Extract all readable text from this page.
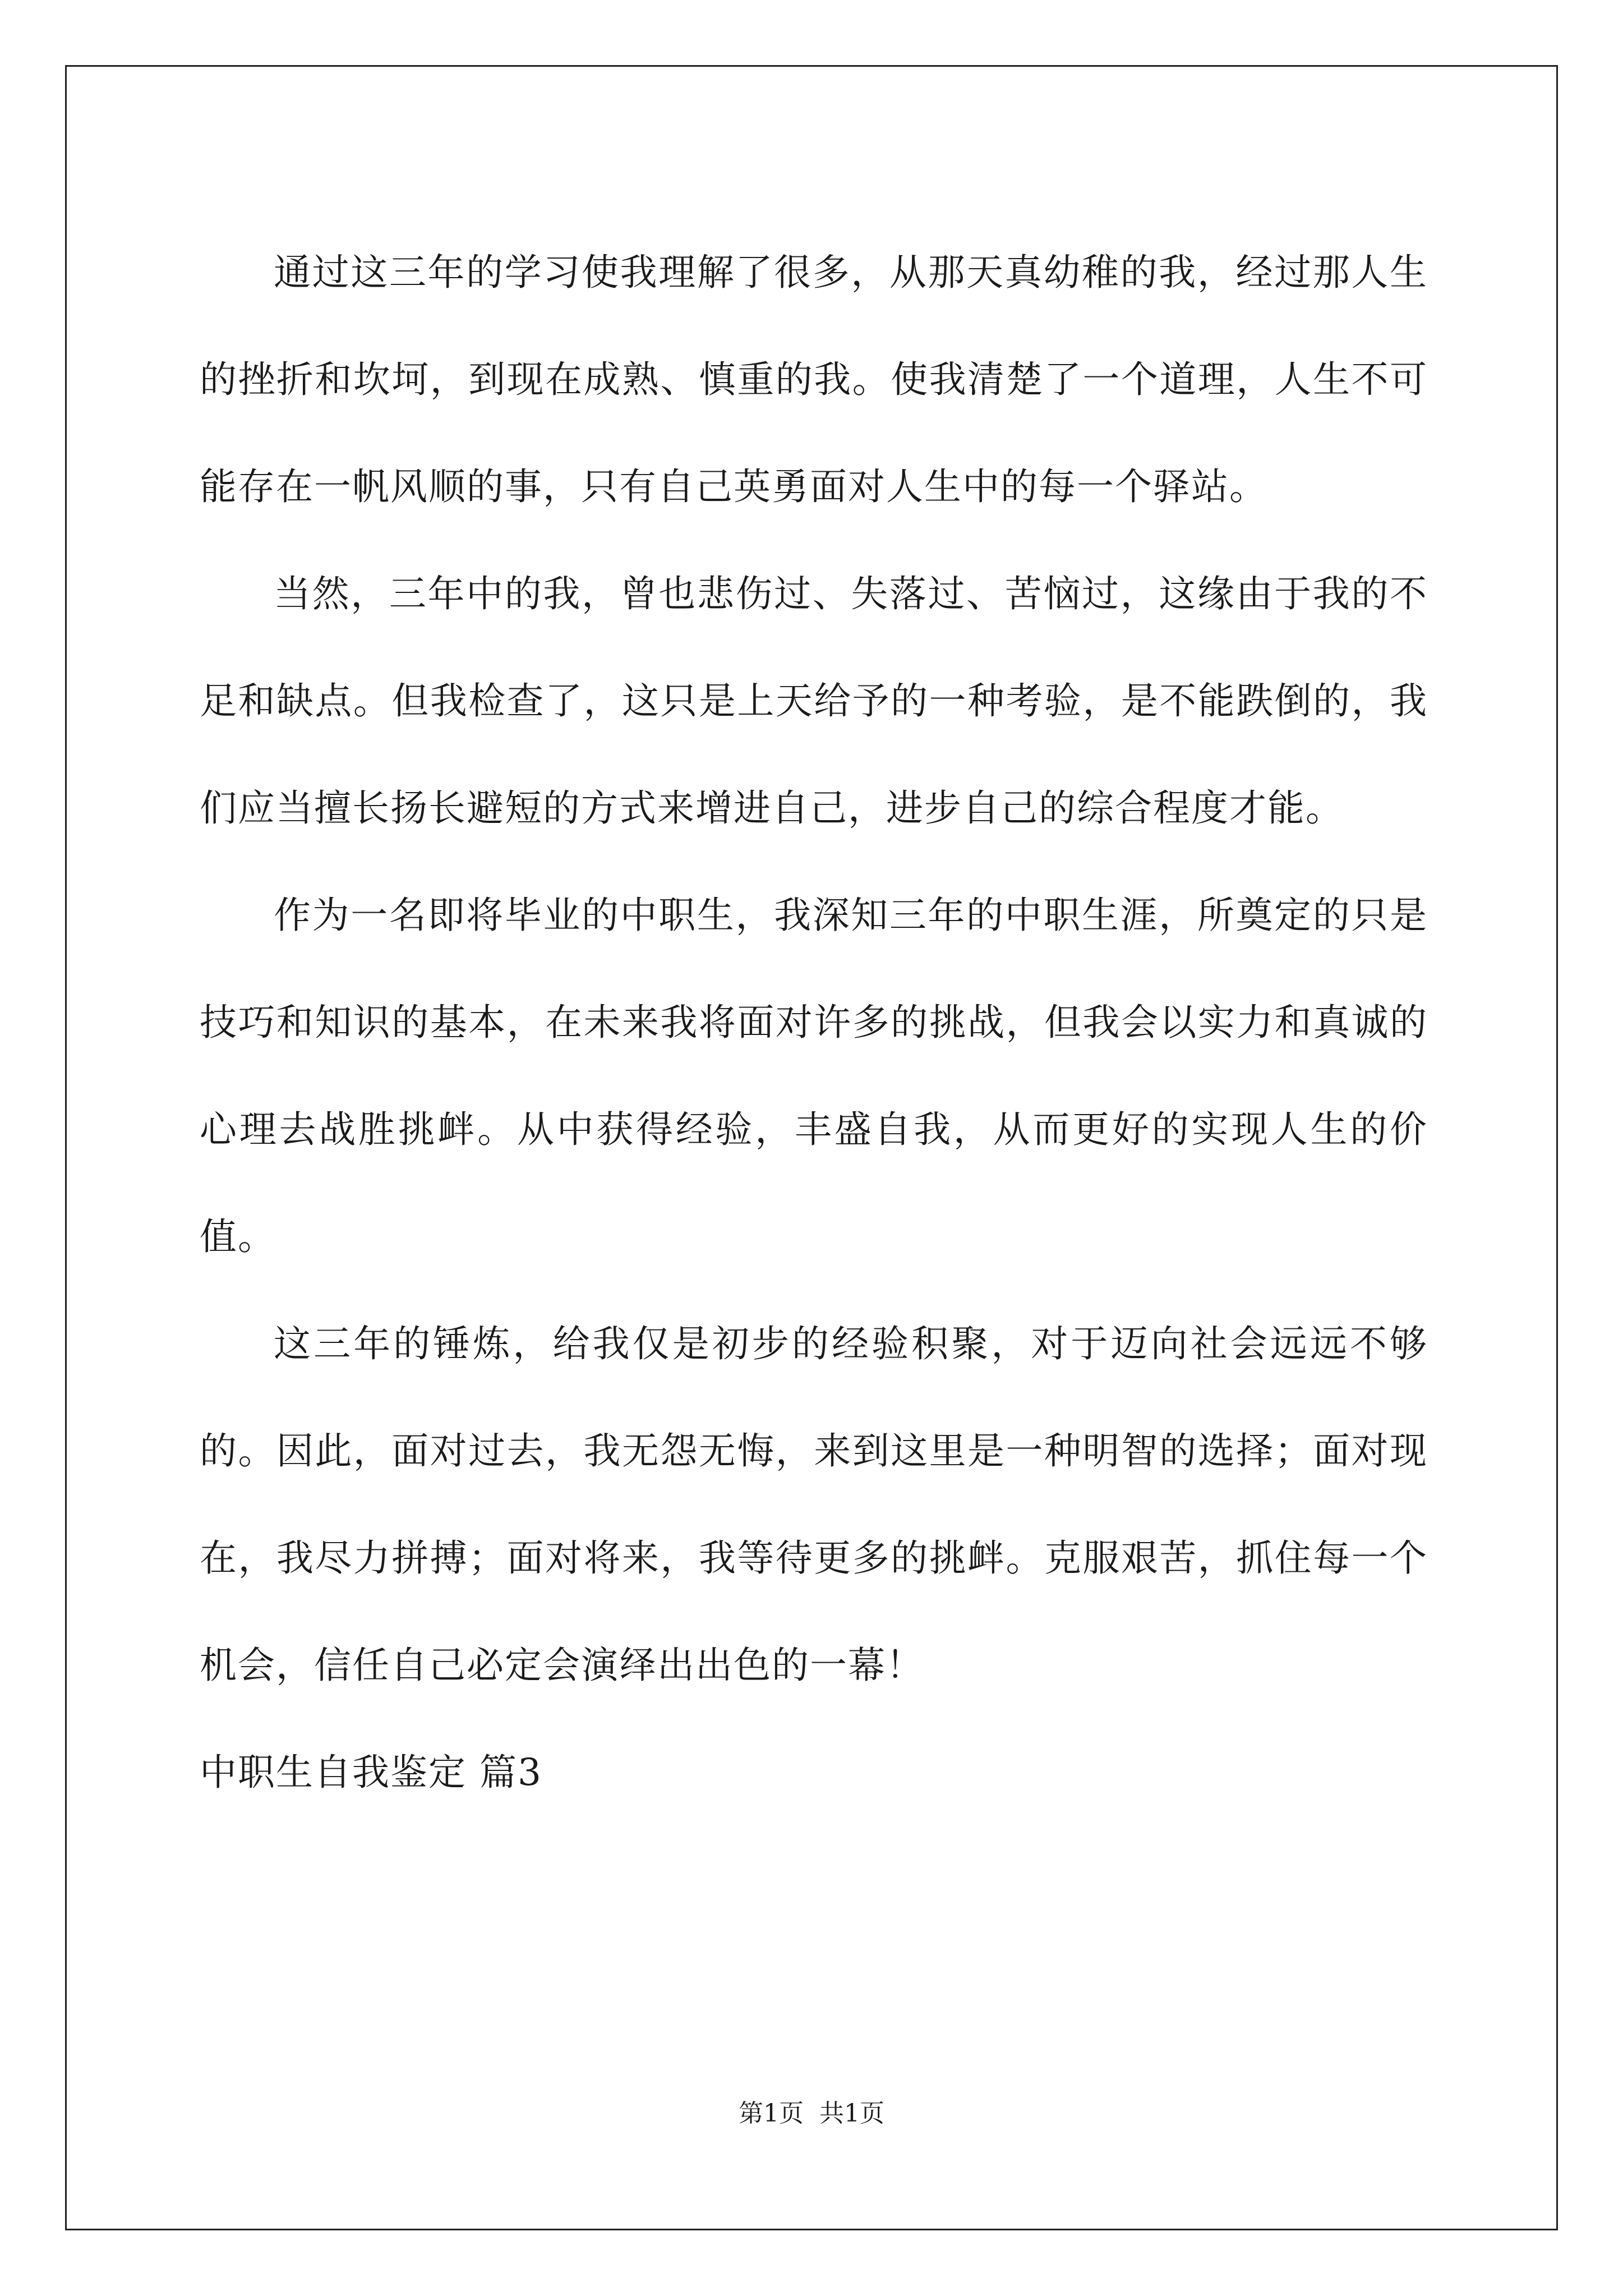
通过这三年的学习使我理解了很多，从那天真幼稚的我，经过那人生的挫折和坎坷，到现在成熟、慎重的我。使我清楚了一个道理，人生不可能存在一帆风顺的事，只有自己英勇面对人生中的每一个驿站。

当然，三年中的我，曾也悲伤过、失落过、苦恼过，这缘由于我的不足和缺点。但我检查了，这只是上天给予的一种考验，是不能跌倒的，我们应当擅长扬长避短的方式来增进自己，进步自己的综合程度才能。

作为一名即将毕业的中职生，我深知三年的中职生涯，所奠定的只是技巧和知识的基本，在未来我将面对许多的挑战，但我会以实力和真诚的心理去战胜挑衅。从中获得经验，丰盛自我，从而更好的实现人生的价值。

这三年的锤炼，给我仅是初步的经验积聚，对于迈向社会远远不够的。因此，面对过去，我无怨无悔，来到这里是一种明智的选择；面对现在，我尽力拼搏；面对将来，我等待更多的挑衅。克服艰苦，抓住每一个机会，信任自己必定会演绎出出色的一幕！

中职生自我鉴定 篇3

第1页  共1页
